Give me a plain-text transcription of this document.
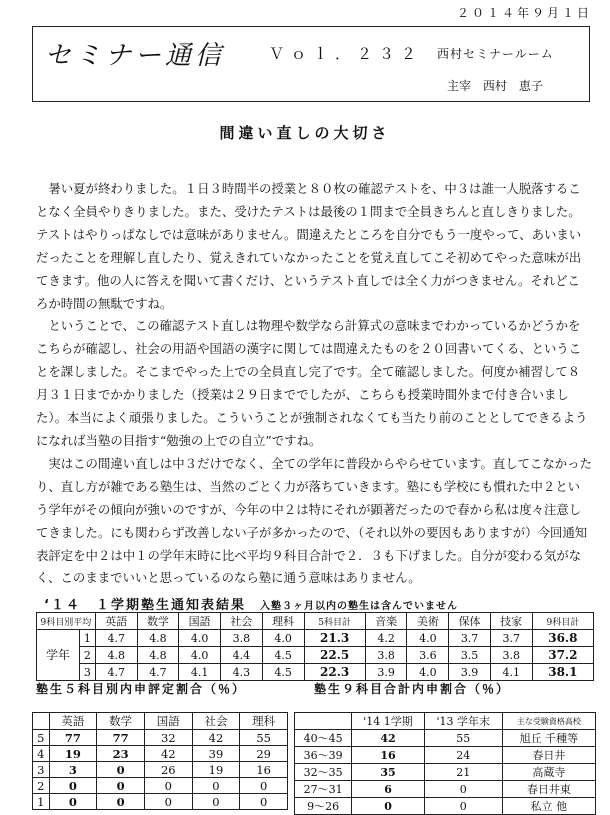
２０１４年９月１日
セミナー通信	Ｖｏｌ．２３２ 西村セミナールーム
主宰 西村　恵子
間違い直しの大切さ

暑い夏が終わりました。１日３時間半の授業と８０枚の確認テストを、中３は誰一人脱落することなく全員やりきりました。また、受けたテストは最後の１問まで全員きちんと直しきりました。テストはやりっぱなしでは意味がありません。間違えたところを自分でもう一度やって、あいまいだったことを理解し直したり、覚えきれていなかったことを覚え直してこそ初めてやった意味が出てきます。他の人に答えを聞いて書くだけ、というテスト直しでは全く力がつきません。それどころか時間の無駄ですね。

ということで、この確認テスト直しは物理や数学なら計算式の意味までわかっているかどうかをこちらが確認し、社会の用語や国語の漢字に関しては間違えたものを２０回書いてくる、ということを課しました。そこまでやった上での全員直し完了です。全て確認しました。何度か補習して８月３１日までかかりました（授業は２９日まででしたが、こちらも授業時間外まで付き合いました）。本当によく頑張りました。こういうことが強制されなくても当たり前のこととしてできるようになれば当塾の目指す“勉強の上での自立”ですね。

実はこの間違い直しは中３だけでなく、全ての学年に普段からやらせています。直してこなかったり、直し方が雑である塾生は、当然のごとく力が落ちていきます。塾にも学校にも慣れた中２という学年がその傾向が強いのですが、今年の中２は特にそれが顕著だったので春から私は度々注意してきました。にも関わらず改善しない子が多かったので、（それ以外の要因もありますが）今回通知表評定を中２は中１の学年末時に比べ平均９科目合計で２．３も下げました。自分が変わる気がなく、このままでいいと思っているのなら塾に通う意味はありません。

‘１４　１学期塾生通知表結果 入塾３ヶ月以内の塾生は含んでいません
9科目別平均		英語	数学	国語	社会	理科	5科目計	音楽	美術	保体	技家	9科目計
学年	1	4.7	4.8	4.0	3.8	4.0	21.3	4.2	4.0	3.7	3.7	36.8
	2	4.8	4.8	4.0	4.4	4.5	22.5	3.8	3.6	3.5	3.8	37.2
	3	4.7	4.7	4.1	4.3	4.5	22.3	3.9	4.0	3.9	4.1	38.1
塾生５科目別内申評定割合（％）	塾生９科目合計内申割合（％）
	英語	数学	国語	社会	理科
5	77	77	32	42	55
4	19	23	42	39	29
3	3	0	26	19	16
2	0	0	0	0	0
1	0	0	0	0	0
	'14 1学期	'13 学年末	主な受験資格高校
40～45	42	55	旭丘 千種等
36～39	16	24	春日井
32～35	35	21	高蔵寺
27～31	6	0	春日井東
9～26	0	0	私立 他
